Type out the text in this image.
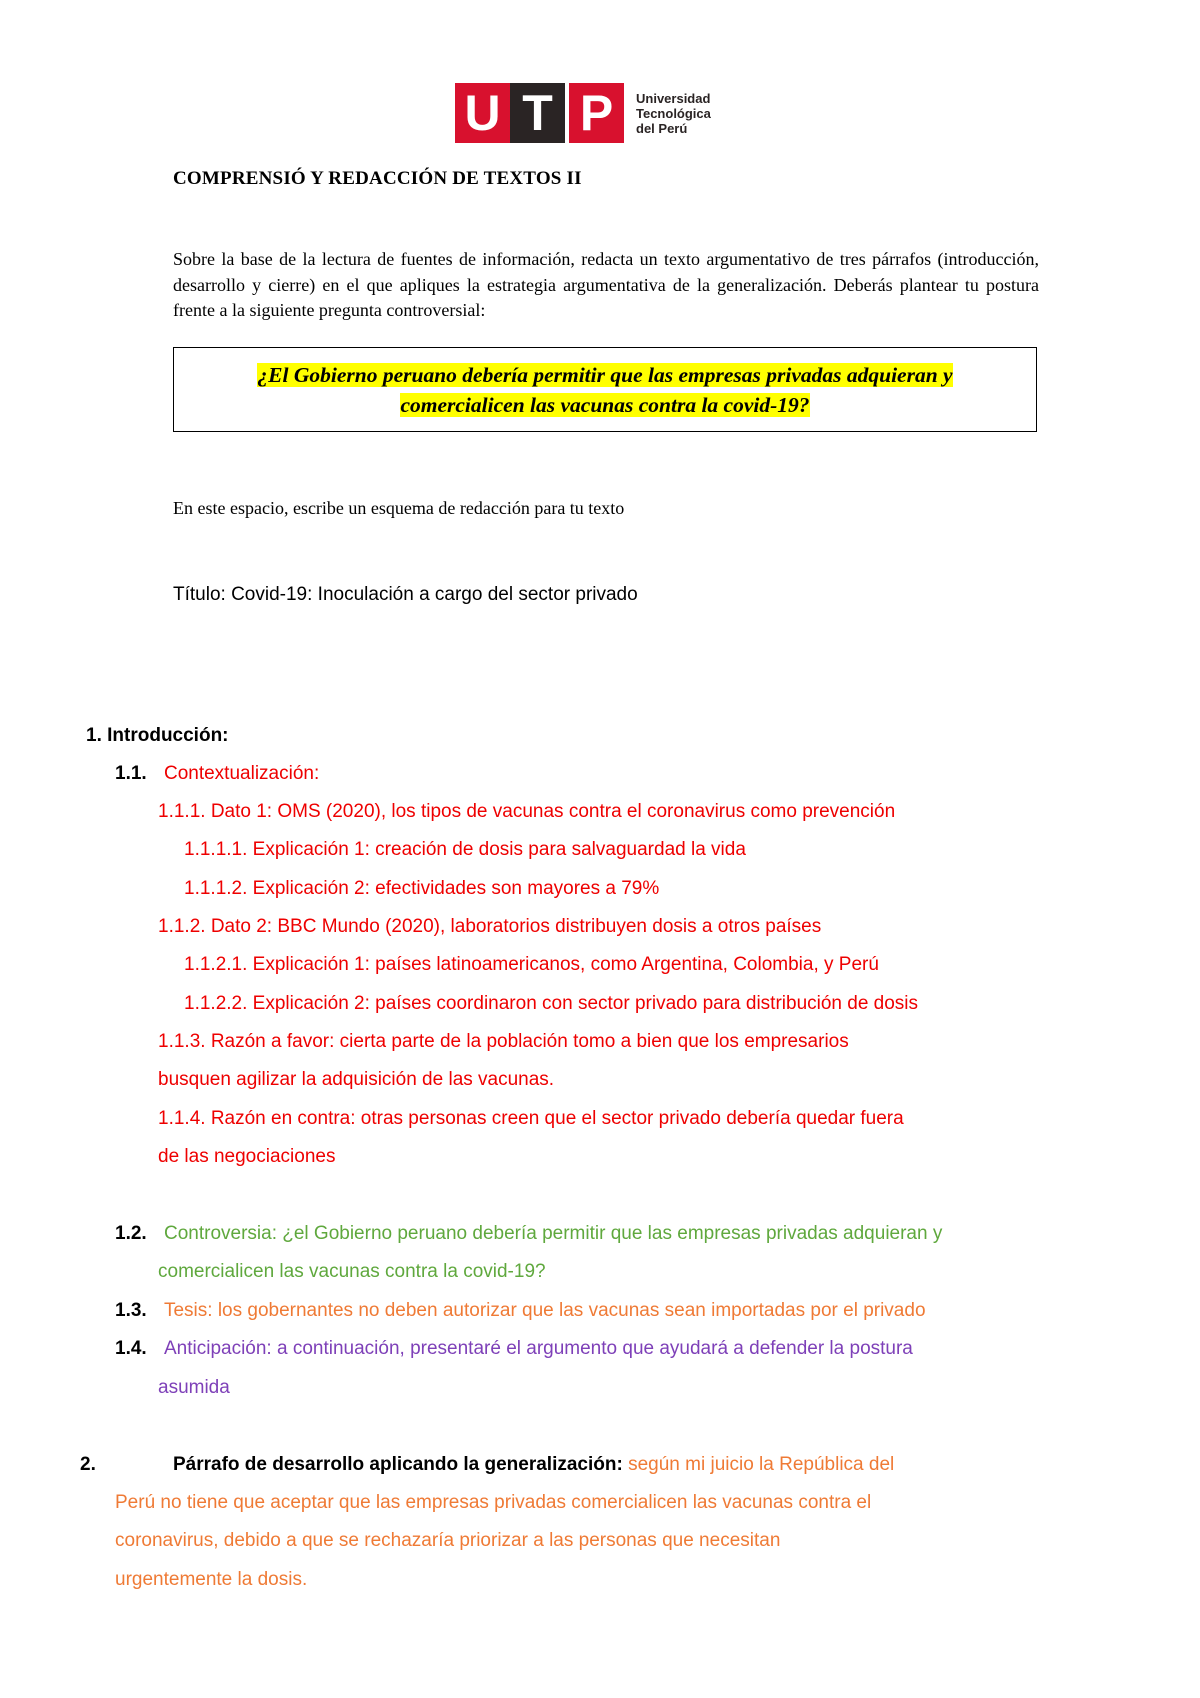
U T P	Universidad
Tecnológica
del Perú
COMPRENSIÓ Y REDACCIÓN DE TEXTOS II
Sobre la base de la lectura de fuentes de información, redacta un texto argumentativo de tres párrafos (introducción, desarrollo y cierre) en el que apliques la estrategia argumentativa de la generalización. Deberás plantear tu postura frente a la siguiente pregunta controversial:
¿El Gobierno peruano debería permitir que las empresas privadas adquieran y
comercialicen las vacunas contra la covid-19?
En este espacio, escribe un esquema de redacción para tu texto
Título: Covid-19: Inoculación a cargo del sector privado
1. Introducción:
1.1. Contextualización:
1.1.1. Dato 1: OMS (2020), los tipos de vacunas contra el coronavirus como prevención
1.1.1.1. Explicación 1: creación de dosis para salvaguardad la vida
1.1.1.2. Explicación 2: efectividades son mayores a 79%
1.1.2. Dato 2: BBC Mundo (2020), laboratorios distribuyen dosis a otros países
1.1.2.1. Explicación 1: países latinoamericanos, como Argentina, Colombia, y Perú
1.1.2.2. Explicación 2: países coordinaron con sector privado para distribución de dosis
1.1.3. Razón a favor: cierta parte de la población tomo a bien que los empresarios
busquen agilizar la adquisición de las vacunas.
1.1.4. Razón en contra: otras personas creen que el sector privado debería quedar fuera
de las negociaciones
1.2. Controversia: ¿el Gobierno peruano debería permitir que las empresas privadas adquieran y
comercialicen las vacunas contra la covid-19?
1.3. Tesis: los gobernantes no deben autorizar que las vacunas sean importadas por el privado
1.4. Anticipación: a continuación, presentaré el argumento que ayudará a defender la postura
asumida
2.	Párrafo de desarrollo aplicando la generalización: según mi juicio la República del
Perú no tiene que aceptar que las empresas privadas comercialicen las vacunas contra el
coronavirus, debido a que se rechazaría priorizar a las personas que necesitan
urgentemente la dosis.
